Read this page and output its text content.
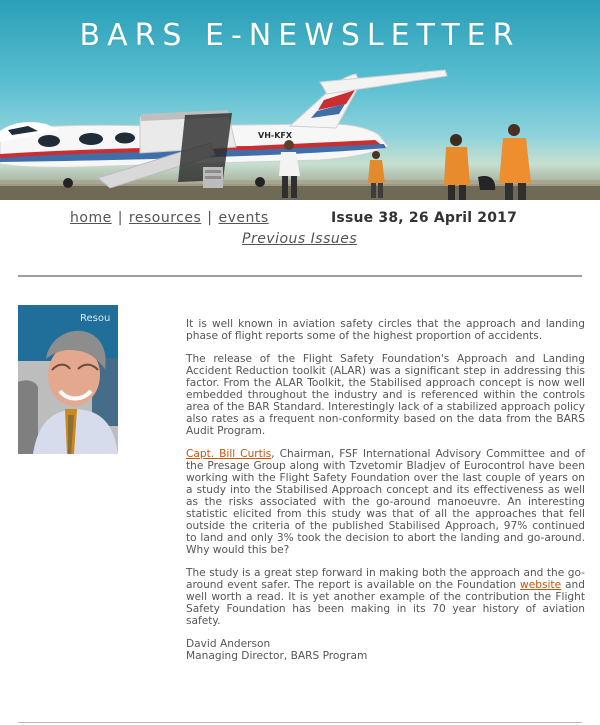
VH-KFX
BARS E-NEWSLETTER
home | resources | events	Issue 38, 26 April 2017
Previous Issues
Resou	It is well known in aviation safety circles that the approach and landing phase of flight reports some of the highest proportion of accidents.

The release of the Flight Safety Foundation's Approach and Landing Accident Reduction toolkit (ALAR) was a significant step in addressing this factor. From the ALAR Toolkit, the Stabilised approach concept is now well embedded throughout the industry and is referenced within the controls area of the BAR Standard. Interestingly lack of a stabilized approach policy also rates as a frequent non-conformity based on the data from the BARS Audit Program.

Capt. Bill Curtis, Chairman, FSF International Advisory Committee and of the Presage Group along with Tzvetomir Bladjev of Eurocontrol have been working with the Flight Safety Foundation over the last couple of years on a study into the Stabilised Approach concept and its effectiveness as well as the risks associated with the go-around manoeuvre. An interesting statistic elicited from this study was that of all the approaches that fell outside the criteria of the published Stabilised Approach, 97% continued to land and only 3% took the decision to abort the landing and go-around. Why would this be?

The study is a great step forward in making both the approach and the go-around event safer. The report is available on the Foundation website and well worth a read. It is yet another example of the contribution the Flight Safety Foundation has been making in its 70 year history of aviation safety.

David Anderson
Managing Director, BARS Program
